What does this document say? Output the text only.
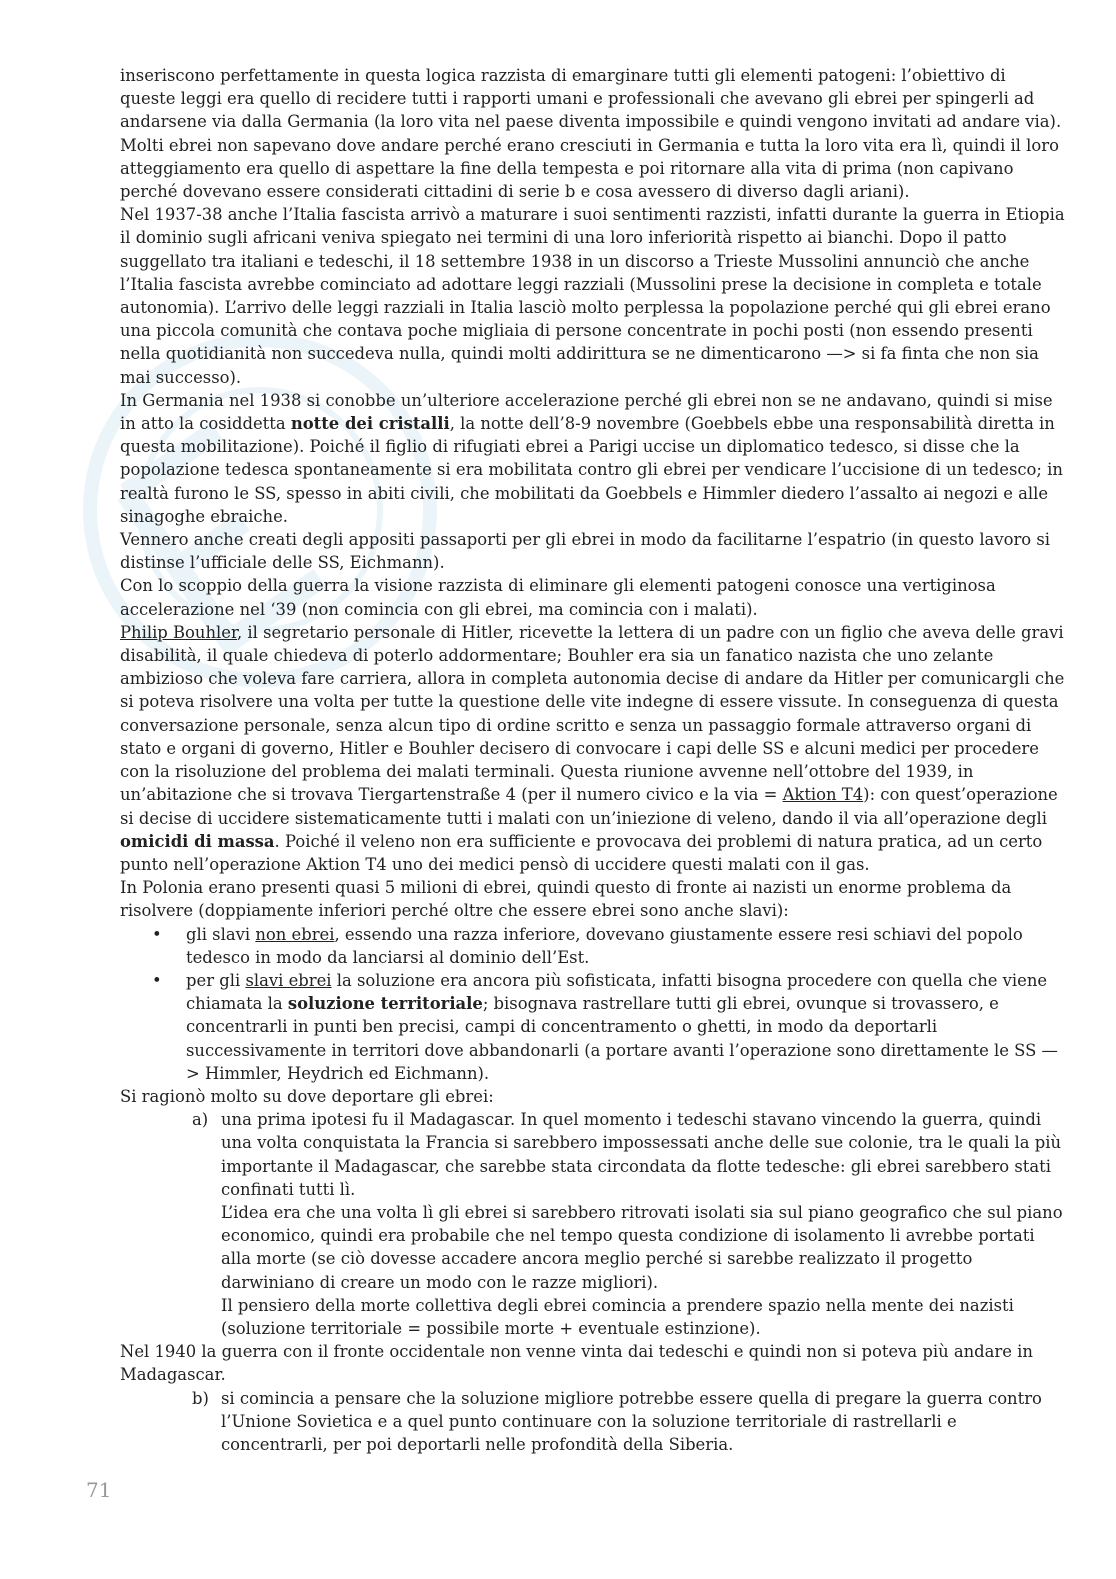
inseriscono perfettamente in questa logica razzista di emarginare tutti gli elementi patogeni: l’obiettivo di queste leggi era quello di recidere tutti i rapporti umani e professionali che avevano gli ebrei per spingerli ad andarsene via dalla Germania (la loro vita nel paese diventa impossibile e quindi vengono invitati ad andare via). Molti ebrei non sapevano dove andare perché erano cresciuti in Germania e tutta la loro vita era lì, quindi il loro atteggiamento era quello di aspettare la fine della tempesta e poi ritornare alla vita di prima (non capivano perché dovevano essere considerati cittadini di serie b e cosa avessero di diverso dagli ariani).

Nel 1937-38 anche l’Italia fascista arrivò a maturare i suoi sentimenti razzisti, infatti durante la guerra in Etiopia il dominio sugli africani veniva spiegato nei termini di una loro inferiorità rispetto ai bianchi. Dopo il patto suggellato tra italiani e tedeschi, il 18 settembre 1938 in un discorso a Trieste Mussolini annunciò che anche l’Italia fascista avrebbe cominciato ad adottare leggi razziali (Mussolini prese la decisione in completa e totale autonomia). L’arrivo delle leggi razziali in Italia lasciò molto perplessa la popolazione perché qui gli ebrei erano una piccola comunità che contava poche migliaia di persone concentrate in pochi posti (non essendo presenti nella quotidianità non succedeva nulla, quindi molti addirittura se ne dimenticarono —> si fa finta che non sia mai successo).

In Germania nel 1938 si conobbe un’ulteriore accelerazione perché gli ebrei non se ne andavano, quindi si mise in atto la cosiddetta notte dei cristalli, la notte dell’8-9 novembre (Goebbels ebbe una responsabilità diretta in questa mobilitazione). Poiché il figlio di rifugiati ebrei a Parigi uccise un diplomatico tedesco, si disse che la popolazione tedesca spontaneamente si era mobilitata contro gli ebrei per vendicare l’uccisione di un tedesco; in realtà furono le SS, spesso in abiti civili, che mobilitati da Goebbels e Himmler diedero l’assalto ai negozi e alle sinagoghe ebraiche.

Vennero anche creati degli appositi passaporti per gli ebrei in modo da facilitarne l’espatrio (in questo lavoro si distinse l’ufficiale delle SS, Eichmann).

Con lo scoppio della guerra la visione razzista di eliminare gli elementi patogeni conosce una vertiginosa accelerazione nel ‘39 (non comincia con gli ebrei, ma comincia con i malati).

Philip Bouhler, il segretario personale di Hitler, ricevette la lettera di un padre con un figlio che aveva delle gravi disabilità, il quale chiedeva di poterlo addormentare; Bouhler era sia un fanatico nazista che uno zelante ambizioso che voleva fare carriera, allora in completa autonomia decise di andare da Hitler per comunicargli che si poteva risolvere una volta per tutte la questione delle vite indegne di essere vissute. In conseguenza di questa conversazione personale, senza alcun tipo di ordine scritto e senza un passaggio formale attraverso organi di stato e organi di governo, Hitler e Bouhler decisero di convocare i capi delle SS e alcuni medici per procedere con la risoluzione del problema dei malati terminali. Questa riunione avvenne nell’ottobre del 1939, in un’abitazione che si trovava Tiergartenstraße 4 (per il numero civico e la via = Aktion T4): con quest’operazione si decise di uccidere sistematicamente tutti i malati con un’iniezione di veleno, dando il via all’operazione degli omicidi di massa. Poiché il veleno non era sufficiente e provocava dei problemi di natura pratica, ad un certo punto nell’operazione Aktion T4 uno dei medici pensò di uccidere questi malati con il gas.

In Polonia erano presenti quasi 5 milioni di ebrei, quindi questo di fronte ai nazisti un enorme problema da risolvere (doppiamente inferiori perché oltre che essere ebrei sono anche slavi):

• gli slavi non ebrei, essendo una razza inferiore, dovevano giustamente essere resi schiavi del popolo tedesco in modo da lanciarsi al dominio dell’Est.
• per gli slavi ebrei la soluzione era ancora più sofisticata, infatti bisogna procedere con quella che viene chiamata la soluzione territoriale; bisognava rastrellare tutti gli ebrei, ovunque si trovassero, e concentrarli in punti ben precisi, campi di concentramento o ghetti, in modo da deportarli successivamente in territori dove abbandonarli (a portare avanti l’operazione sono direttamente le SS —> Himmler, Heydrich ed Eichmann).

Si ragionò molto su dove deportare gli ebrei:

a) una prima ipotesi fu il Madagascar. In quel momento i tedeschi stavano vincendo la guerra, quindi una volta conquistata la Francia si sarebbero impossessati anche delle sue colonie, tra le quali la più importante il Madagascar, che sarebbe stata circondata da flotte tedesche: gli ebrei sarebbero stati confinati tutti lì.

L’idea era che una volta lì gli ebrei si sarebbero ritrovati isolati sia sul piano geografico che sul piano economico, quindi era probabile che nel tempo questa condizione di isolamento li avrebbe portati alla morte (se ciò dovesse accadere ancora meglio perché si sarebbe realizzato il progetto darwiniano di creare un modo con le razze migliori).

Il pensiero della morte collettiva degli ebrei comincia a prendere spazio nella mente dei nazisti (soluzione territoriale = possibile morte + eventuale estinzione).

Nel 1940 la guerra con il fronte occidentale non venne vinta dai tedeschi e quindi non si poteva più andare in Madagascar.

b) si comincia a pensare che la soluzione migliore potrebbe essere quella di pregare la guerra contro l’Unione Sovietica e a quel punto continuare con la soluzione territoriale di rastrellarli e concentrarli, per poi deportarli nelle profondità della Siberia.

71
